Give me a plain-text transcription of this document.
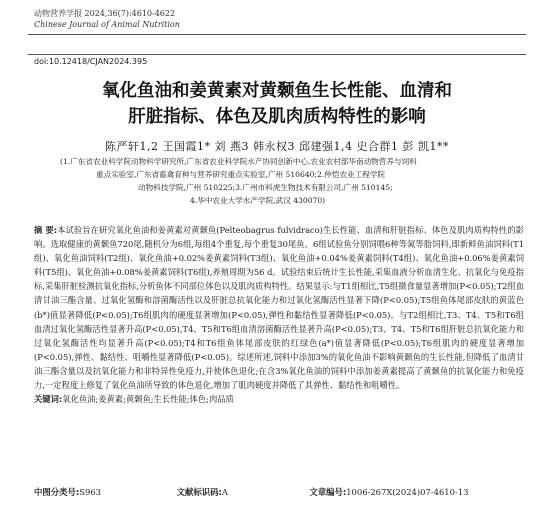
动物营养学报 2024,36(7):4610-4622
Chinese Journal of Animal Nutrition
doi:10.12418/CJAN2024.395
氧化鱼油和姜黄素对黄颡鱼生长性能、血清和
肝脏指标、体色及肌肉质构特性的影响
陈严轩1,2 王国霞1* 刘 燕3 韩永权3 邱建强1,4 史合群1 彭 凯1**
(1.广东省农业科学院动物科学研究所,广东省农业科学院水产协同创新中心,农业农村部华南动物营养与饲料
重点实验室,广东省畜禽育种与营养研究重点实验室,广州 510640;2.仲恺农业工程学院
动物科技学院,广州 510225;3.广州市科虎生物技术有限公司,广州 510145;
4.华中农业大学水产学院,武汉 430070)
摘 要:本试验旨在研究氧化鱼油和姜黄素对黄颡鱼(Pelteobagrus fulvidraco)生长性能、血清和肝脏指标、体色及肌肉质构特性的影响。选取健康的黄颡鱼720尾,随机分为6组,每组4个重复,每个重复30尾鱼。6组试验鱼分别饲喂6种等氮等脂饲料,即新鲜鱼油饲料(T1组)、氧化鱼油饲料(T2组)、氧化鱼油+0.02%姜黄素饲料(T3组)、氧化鱼油+0.04%姜黄素饲料(T4组)、氧化鱼油+0.06%姜黄素饲料(T5组)、氧化鱼油+0.08%姜黄素饲料(T6组),养殖周期为56 d。试验结束后统计生长性能,采集血液分析血清生化、抗氧化与免疫指标,采集肝脏检测抗氧化指标,分析鱼体不同部位体色以及肌肉质构特性。结果显示:与T1组相比,T5组摄食量显著增加(P<0.05);T2组血清甘油三酯含量、过氧化氢酶和溶菌酶活性以及肝脏总抗氧化能力和过氧化氢酶活性显著下降(P<0.05);T5组鱼体尾部皮肤的黄蓝色(b*)值显著降低(P<0.05);T6组肌肉的硬度显著增加(P<0.05),弹性和黏结性显著降低(P<0.05)。与T2组相比,T3、T4、T5和T6组血清过氧化氢酶活性显著升高(P<0.05),T4、T5和T6组血清溶菌酶活性显著升高(P<0.05);T3、T4、T5和T6组肝脏总抗氧化能力和过氧化氢酶活性均显著升高(P<0.05);T4和T6组鱼体尾部皮肤的红绿色(a*)值显著降低(P<0.05);T6组肌肉的硬度显著增加(P<0.05),弹性、黏结性、咀嚼性显著降低(P<0.05)。综述所述,饲料中添加3%的氧化鱼油不影响黄颡鱼的生长性能,但降低了血清甘油三酯含量以及抗氧化能力和非特异性免疫力,并使体色退化;在含3%氧化鱼油的饲料中添加姜黄素提高了黄颡鱼的抗氧化能力和免疫力,一定程度上修复了氧化鱼油所导致的体色退化,增加了肌肉硬度并降低了其弹性、黏结性和咀嚼性。
关键词:氧化鱼油;姜黄素;黄颡鱼;生长性能;体色;肉品质
中图分类号:S963	文献标识码:A	文章编号:1006-267X(2024)07-4610-13
